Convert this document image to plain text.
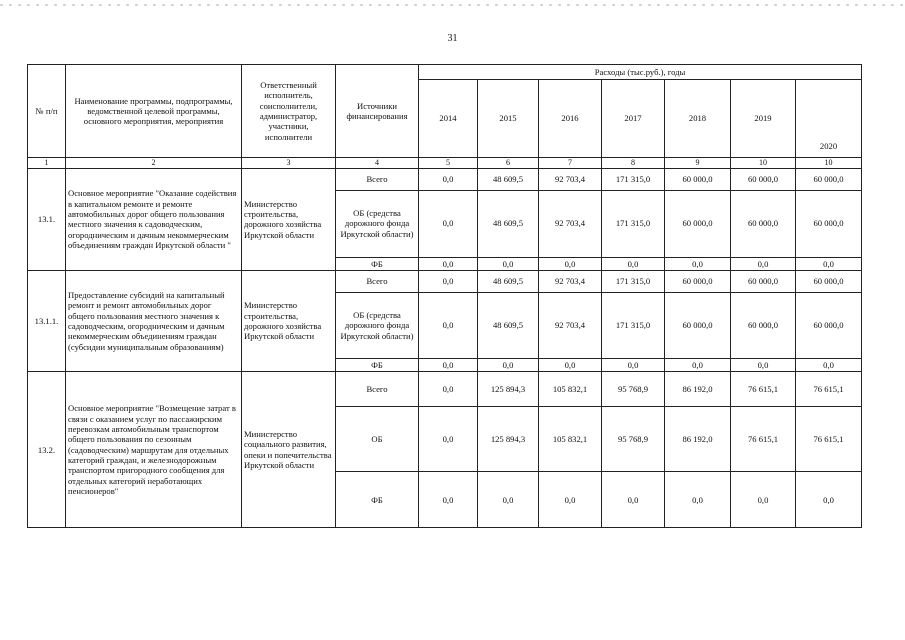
31
№ п/п	Наименование программы, подпрограммы, ведомственной целевой программы, основного мероприятия, мероприятия	Ответственный исполнитель, соисполнители, администратор, участники, исполнители	Источники финансирования	Расходы (тыс.руб.), годы						
				2014	2015	2016	2017	2018	2019	2020
1	2	3	4	5	6	7	8	9	10	10
13.1.	Основное мероприятие "Оказание содействия в капитальном ремонте и ремонте автомобильных дорог общего пользования местного значения к садоводческим, огородническим и дачным некоммерческим объединениям граждан Иркутской области "	Министерство строительства, дорожного хозяйства Иркутской области	Всего	0,0	48 609,5	92 703,4	171 315,0	60 000,0	60 000,0	60 000,0
			ОБ (средства дорожного фонда Иркутской области)	0,0	48 609,5	92 703,4	171 315,0	60 000,0	60 000,0	60 000,0
			ФБ	0,0	0,0	0,0	0,0	0,0	0,0	0,0
13.1.1.	Предоставление субсидий на капитальный ремонт и ремонт автомобильных дорог общего пользования местного значения к садоводческим, огородническим и дачным некоммерческим объединениям граждан (субсидии муниципальным образованиям)	Министерство строительства, дорожного хозяйства Иркутской области	Всего	0,0	48 609,5	92 703,4	171 315,0	60 000,0	60 000,0	60 000,0
			ОБ (средства дорожного фонда Иркутской области)	0,0	48 609,5	92 703,4	171 315,0	60 000,0	60 000,0	60 000,0
			ФБ	0,0	0,0	0,0	0,0	0,0	0,0	0,0
13.2.	Основное мероприятие "Возмещение затрат в связи с оказанием услуг по пассажирским перевозкам автомобильным транспортом общего пользования по сезонным (садоводческим) маршрутам для отдельных категорий граждан, и железнодорожным транспортом пригородного сообщения для отдельных категорий неработающих пенсионеров"	Министерство социального развития, опеки и попечительства Иркутской области	Всего	0,0	125 894,3	105 832,1	95 768,9	86 192,0	76 615,1	76 615,1
			ОБ	0,0	125 894,3	105 832,1	95 768,9	86 192,0	76 615,1	76 615,1
			ФБ	0,0	0,0	0,0	0,0	0,0	0,0	0,0
